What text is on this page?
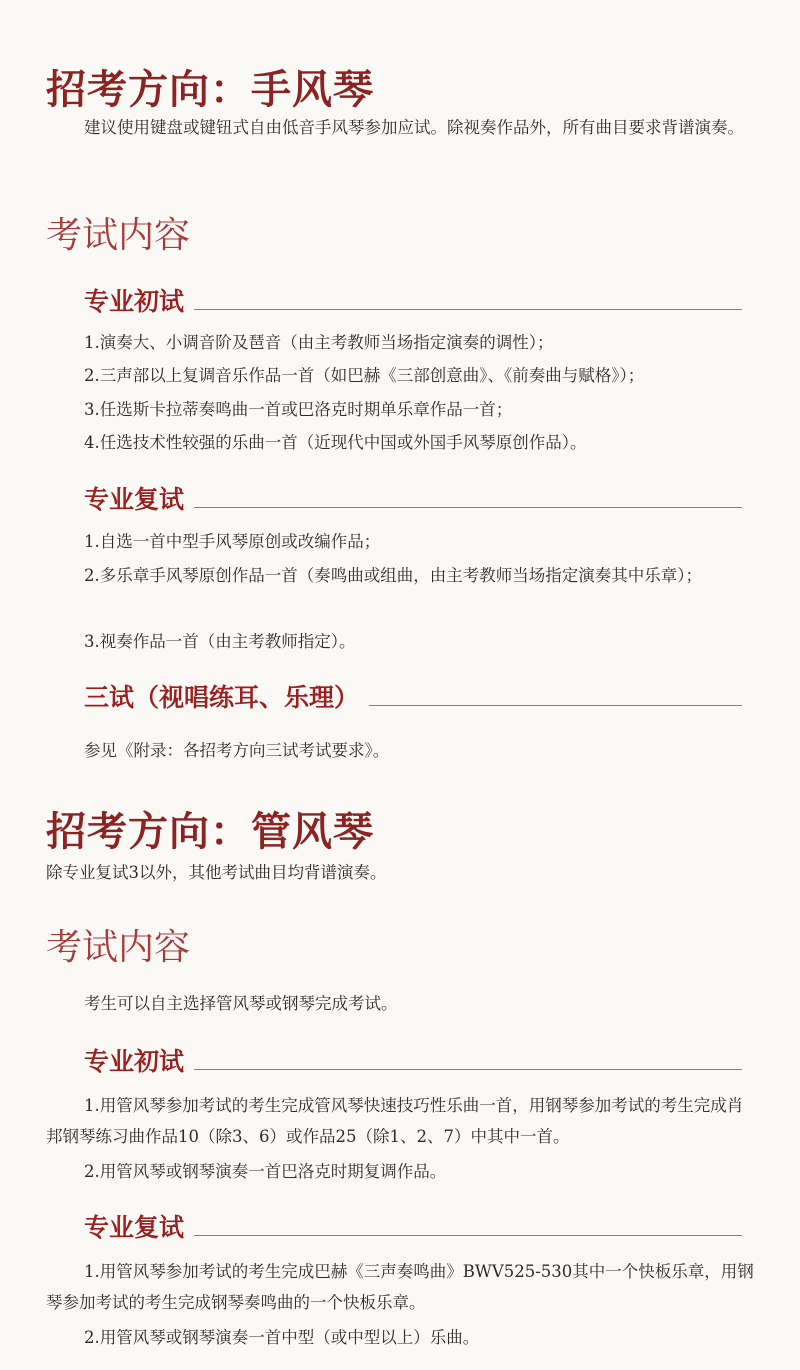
招考方向：手风琴

建议使用键盘或键钮式自由低音手风琴参加应试。除视奏作品外，所有曲目要求背谱演奏。

考试内容
专业初试

1.演奏大、小调音阶及琶音（由主考教师当场指定演奏的调性）；

2.三声部以上复调音乐作品一首（如巴赫《三部创意曲》、《前奏曲与赋格》）；

3.任选斯卡拉蒂奏鸣曲一首或巴洛克时期单乐章作品一首；

4.任选技术性较强的乐曲一首（近现代中国或外国手风琴原创作品）。

专业复试

1.自选一首中型手风琴原创或改编作品；

2.多乐章手风琴原创作品一首（奏鸣曲或组曲，由主考教师当场指定演奏其中乐章）；

3.视奏作品一首（由主考教师指定）。

三试（视唱练耳、乐理）

参见《附录：各招考方向三试考试要求》。

招考方向：管风琴

除专业复试3以外，其他考试曲目均背谱演奏。

考试内容

考生可以自主选择管风琴或钢琴完成考试。

专业初试

1.用管风琴参加考试的考生完成管风琴快速技巧性乐曲一首，用钢琴参加考试的考生完成肖邦钢琴练习曲作品10（除3、6）或作品25（除1、2、7）中其中一首。

2.用管风琴或钢琴演奏一首巴洛克时期复调作品。

专业复试

1.用管风琴参加考试的考生完成巴赫《三声奏鸣曲》BWV525-530其中一个快板乐章，用钢琴参加考试的考生完成钢琴奏鸣曲的一个快板乐章。

2.用管风琴或钢琴演奏一首中型（或中型以上）乐曲。
